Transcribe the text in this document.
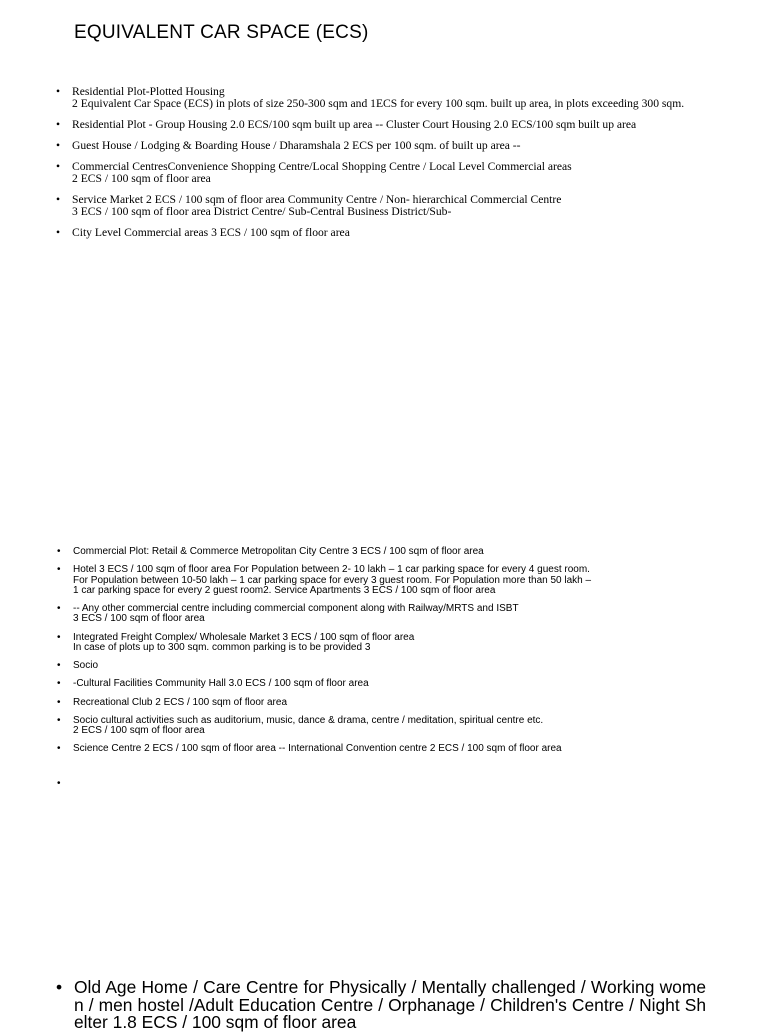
EQUIVALENT CAR SPACE (ECS)
• Residential Plot-Plotted Housing
2 Equivalent Car Space (ECS) in plots of size 250-300 sqm and 1ECS for every 100 sqm. built up area, in plots exceeding 300 sqm.
• Residential Plot - Group Housing 2.0 ECS/100 sqm built up area -- Cluster Court Housing 2.0 ECS/100 sqm built up area
• Guest House / Lodging & Boarding House / Dharamshala 2 ECS per 100 sqm. of built up area --
• Commercial CentresConvenience Shopping Centre/Local Shopping Centre / Local Level Commercial areas
2 ECS / 100 sqm of floor area
• Service Market 2 ECS / 100 sqm of floor area Community Centre / Non- hierarchical Commercial Centre
3 ECS / 100 sqm of floor area District Centre/ Sub-Central Business District/Sub-
• City Level Commercial areas 3 ECS / 100 sqm of floor area
• Commercial Plot: Retail & Commerce Metropolitan City Centre 3 ECS / 100 sqm of floor area
• Hotel 3 ECS / 100 sqm of floor area For Population between 2- 10 lakh – 1 car parking space for every 4 guest room.
For Population between 10-50 lakh – 1 car parking space for every 3 guest room. For Population more than 50 lakh –
1 car parking space for every 2 guest room2. Service Apartments 3 ECS / 100 sqm of floor area
• -- Any other commercial centre including commercial component along with Railway/MRTS and ISBT
3 ECS / 100 sqm of floor area
• Integrated Freight Complex/ Wholesale Market 3 ECS / 100 sqm of floor area
In case of plots up to 300 sqm. common parking is to be provided 3
• Socio
• -Cultural Facilities Community Hall 3.0 ECS / 100 sqm of floor area
• Recreational Club 2 ECS / 100 sqm of floor area
• Socio cultural activities such as auditorium, music, dance & drama, centre / meditation, spiritual centre etc.
2 ECS / 100 sqm of floor area
• Science Centre 2 ECS / 100 sqm of floor area -- International Convention centre 2 ECS / 100 sqm of floor area
•
• Old Age Home / Care Centre for Physically / Mentally challenged / Working women / men hostel /Adult Education Centre / Orphanage / Children's Centre / Night Shelter 1.8 ECS / 100 sqm of floor area
